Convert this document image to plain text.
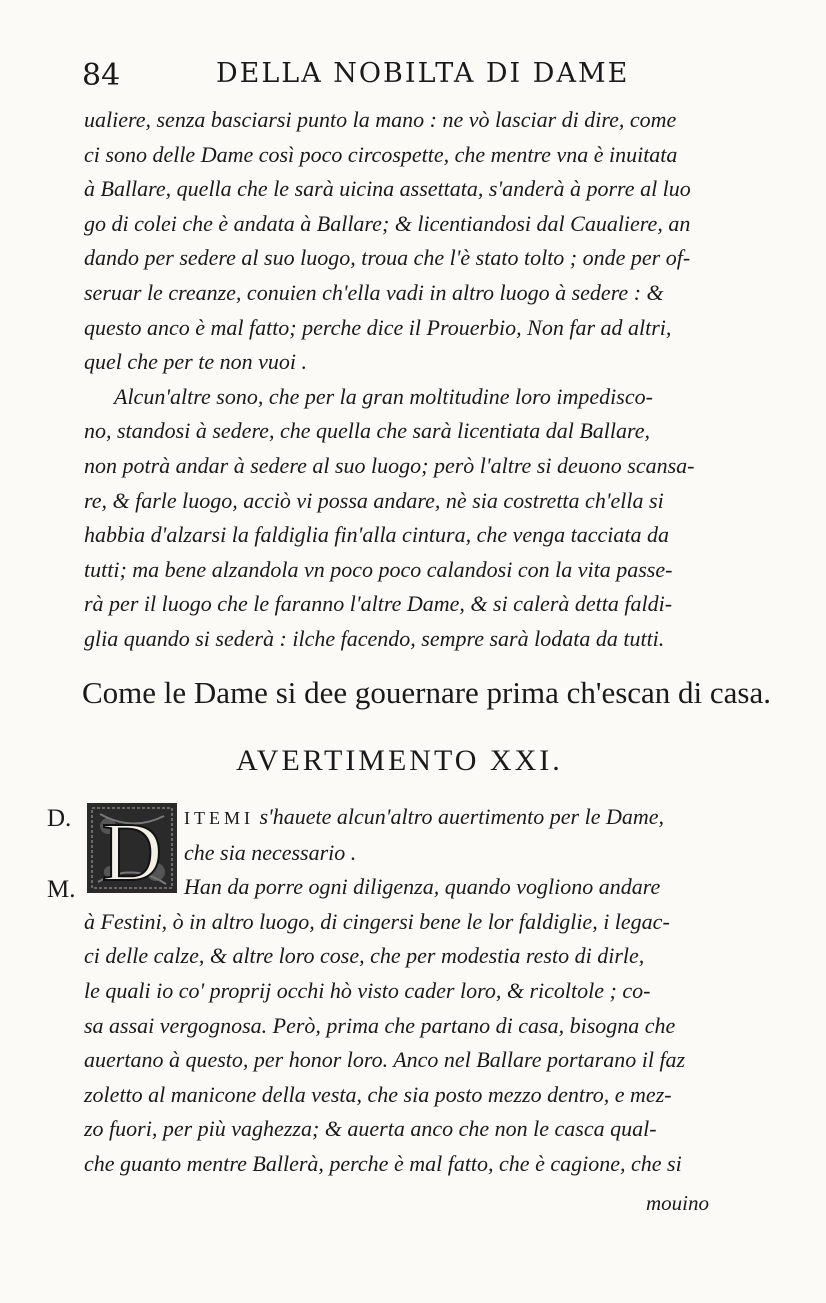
84	DELLA NOBILTA DI DAME
ualiere, senza basciarsi punto la mano : ne vò lasciar di dire, come
ci sono delle Dame così poco circospette, che mentre vna è inuitata
à Ballare, quella che le sarà uicina assettata, s'anderà à porre al luo
go di colei che è andata à Ballare; & licentiandosi dal Caualiere, an
dando per sedere al suo luogo, troua che l'è stato tolto ; onde per of-
seruar le creanze, conuien ch'ella vadi in altro luogo à sedere : &
questo anco è mal fatto; perche dice il Prouerbio, Non far ad altri,
quel che per te non vuoi .
Alcun'altre sono, che per la gran moltitudine loro impedisco-
no, standosi à sedere, che quella che sarà licentiata dal Ballare,
non potrà andar à sedere al suo luogo; però l'altre si deuono scansa-
re, & farle luogo, acciò vi possa andare, nè sia costretta ch'ella si
habbia d'alzarsi la faldiglia fin'alla cintura, che venga tacciata da
tutti; ma bene alzandola vn poco poco calandosi con la vita passe-
rà per il luogo che le faranno l'altre Dame, & si calerà detta faldi-
glia quando si sederà : ilche facendo, sempre sarà lodata da tutti.
Come le Dame si dee gouernare prima ch'escan di casa.
AVERTIMENTO XXI.
D.
M. D	ITEMI s'hauete alcun'altro auertimento per le Dame,
che sia necessario .
Han da porre ogni diligenza, quando vogliono andare
à Festini, ò in altro luogo, di cingersi bene le lor faldiglie, i legac-
ci delle calze, & altre loro cose, che per modestia resto di dirle,
le quali io co' proprij occhi hò visto cader loro, & ricoltole ; co-
sa assai vergognosa. Però, prima che partano di casa, bisogna che
auertano à questo, per honor loro. Anco nel Ballare portarano il faz
zoletto al manicone della vesta, che sia posto mezzo dentro, e mez-
zo fuori, per più vaghezza; & auerta anco che non le casca qual-
che guanto mentre Ballerà, perche è mal fatto, che è cagione, che si
mouino
